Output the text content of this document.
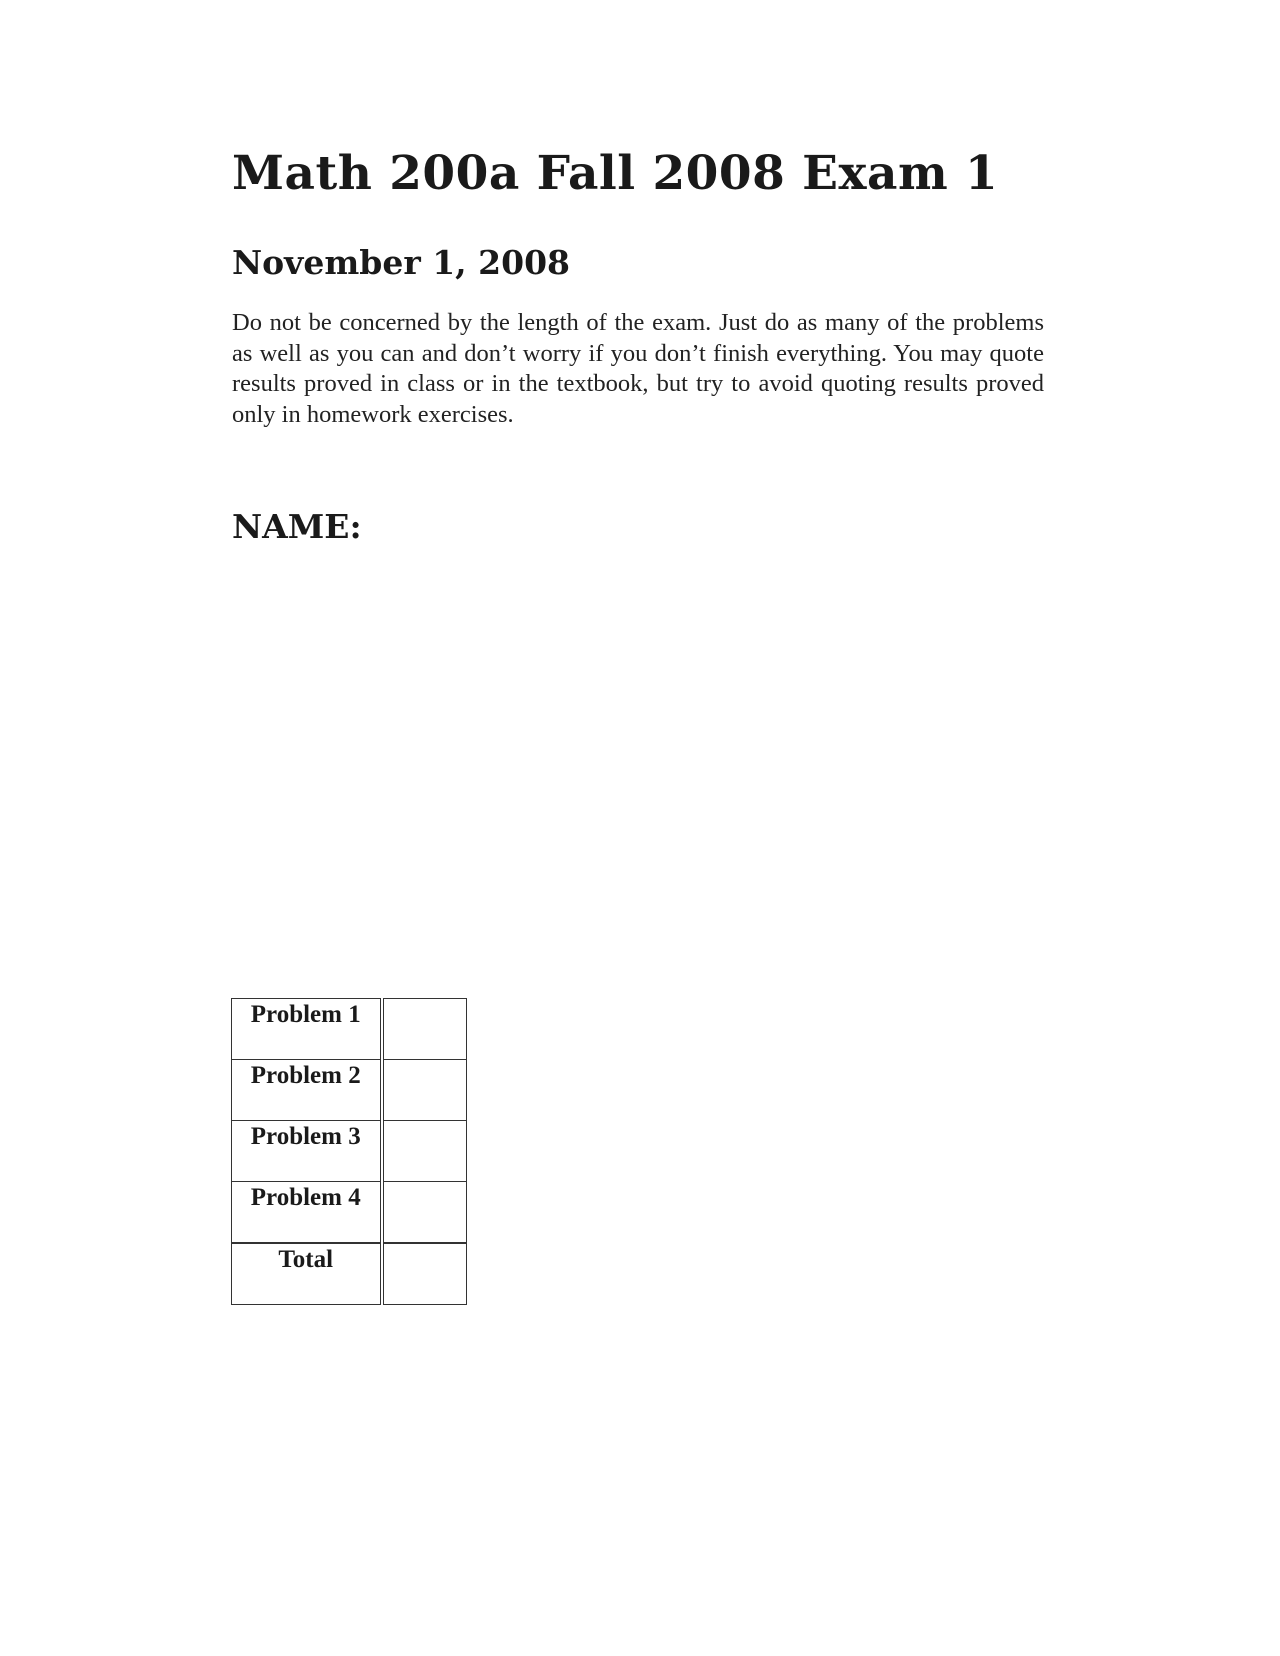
Math 200a Fall 2008 Exam 1
November 1, 2008

Do not be concerned by the length of the exam. Just do as many of the problems as well as you can and don’t worry if you don’t finish everything. You may quote results proved in class or in the textbook, but try to avoid quoting results proved only in homework exercises.

NAME:
Problem 1	
Problem 2	
Problem 3	
Problem 4	
Total	
